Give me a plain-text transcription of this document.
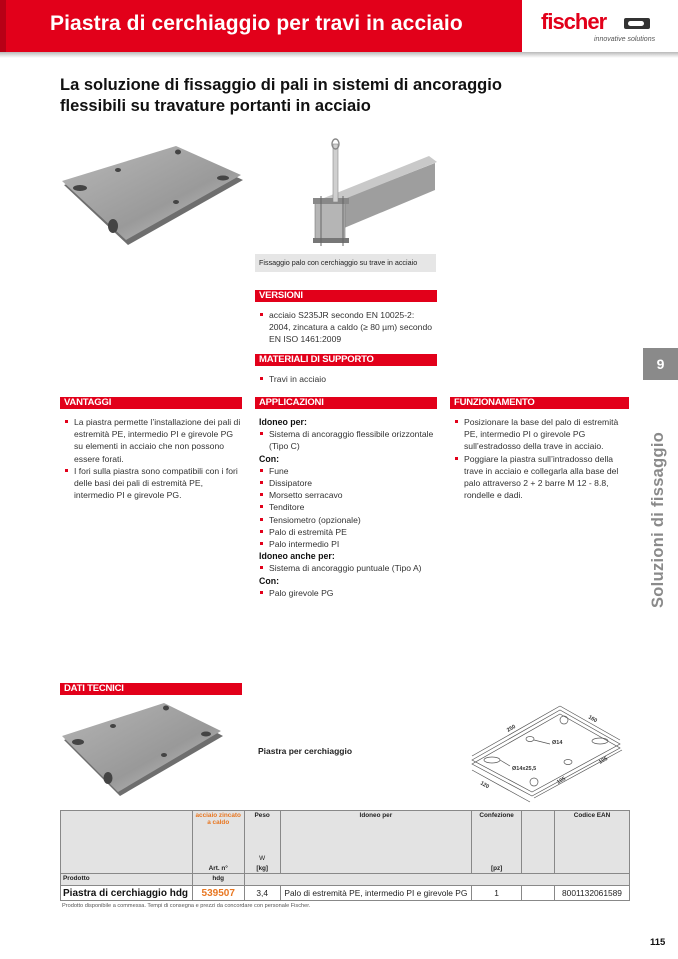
Piastra di cerchiaggio per travi in acciaio	fischer
innovative solutions
La soluzione di fissaggio di pali in sistemi di ancoraggio
flessibili su travature portanti in acciaio
Fissaggio palo con cerchiaggio su trave in acciaio
VERSIONI
acciaio S235JR secondo EN 10025-2: 2004, zincatura a caldo (≥ 80 µm) secondo EN ISO 1461:2009
MATERIALI DI SUPPORTO
Travi in acciaio
VANTAGGI
La piastra permette l’installazione dei pali di estremità PE, intermedio PI e girevole PG su elementi in acciaio che non possono essere forati.
I fori sulla piastra sono compatibili con i fori delle basi dei pali di estremità PE, intermedio PI e girevole PG.
APPLICAZIONI
Idoneo per:
Sistema di ancoraggio flessibile orizzontale (Tipo C)
Con:
Fune
Dissipatore
Morsetto serracavo
Tenditore
Tensiometro (opzionale)
Palo di estremità PE
Palo intermedio PI
Idoneo anche per:
Sistema di ancoraggio puntuale (Tipo A)
Con:
Palo girevole PG
FUNZIONAMENTO
Posizionare la base del palo di estremità PE, intermedio PI o girevole PG sull’estradosso della trave in acciaio.
Poggiare la piastra sull’intradosso della trave in acciaio e collegarla alla base del palo attraverso 2 + 2 barre M 12 - 8.8, rondelle e dadi.
9
Soluzioni di fissaggio
DATI TECNICI
Piastra per cerchiaggio
250
160
Ø14
Ø14x25,5
120	105
105

acciaio zincato a caldo
Art. n°

Peso
W
[kg]
	Idoneo per	Confezione
[pz]
		Codice EAN
Prodotto	hdg					
Piastra di cerchiaggio hdg	539507	3,4	Palo di estremità PE, intermedio PI e girevole PG	1		8001132061589
Prodotto disponibile a commessa. Tempi di consegna e prezzi da concordare con personale Fischer.
115
